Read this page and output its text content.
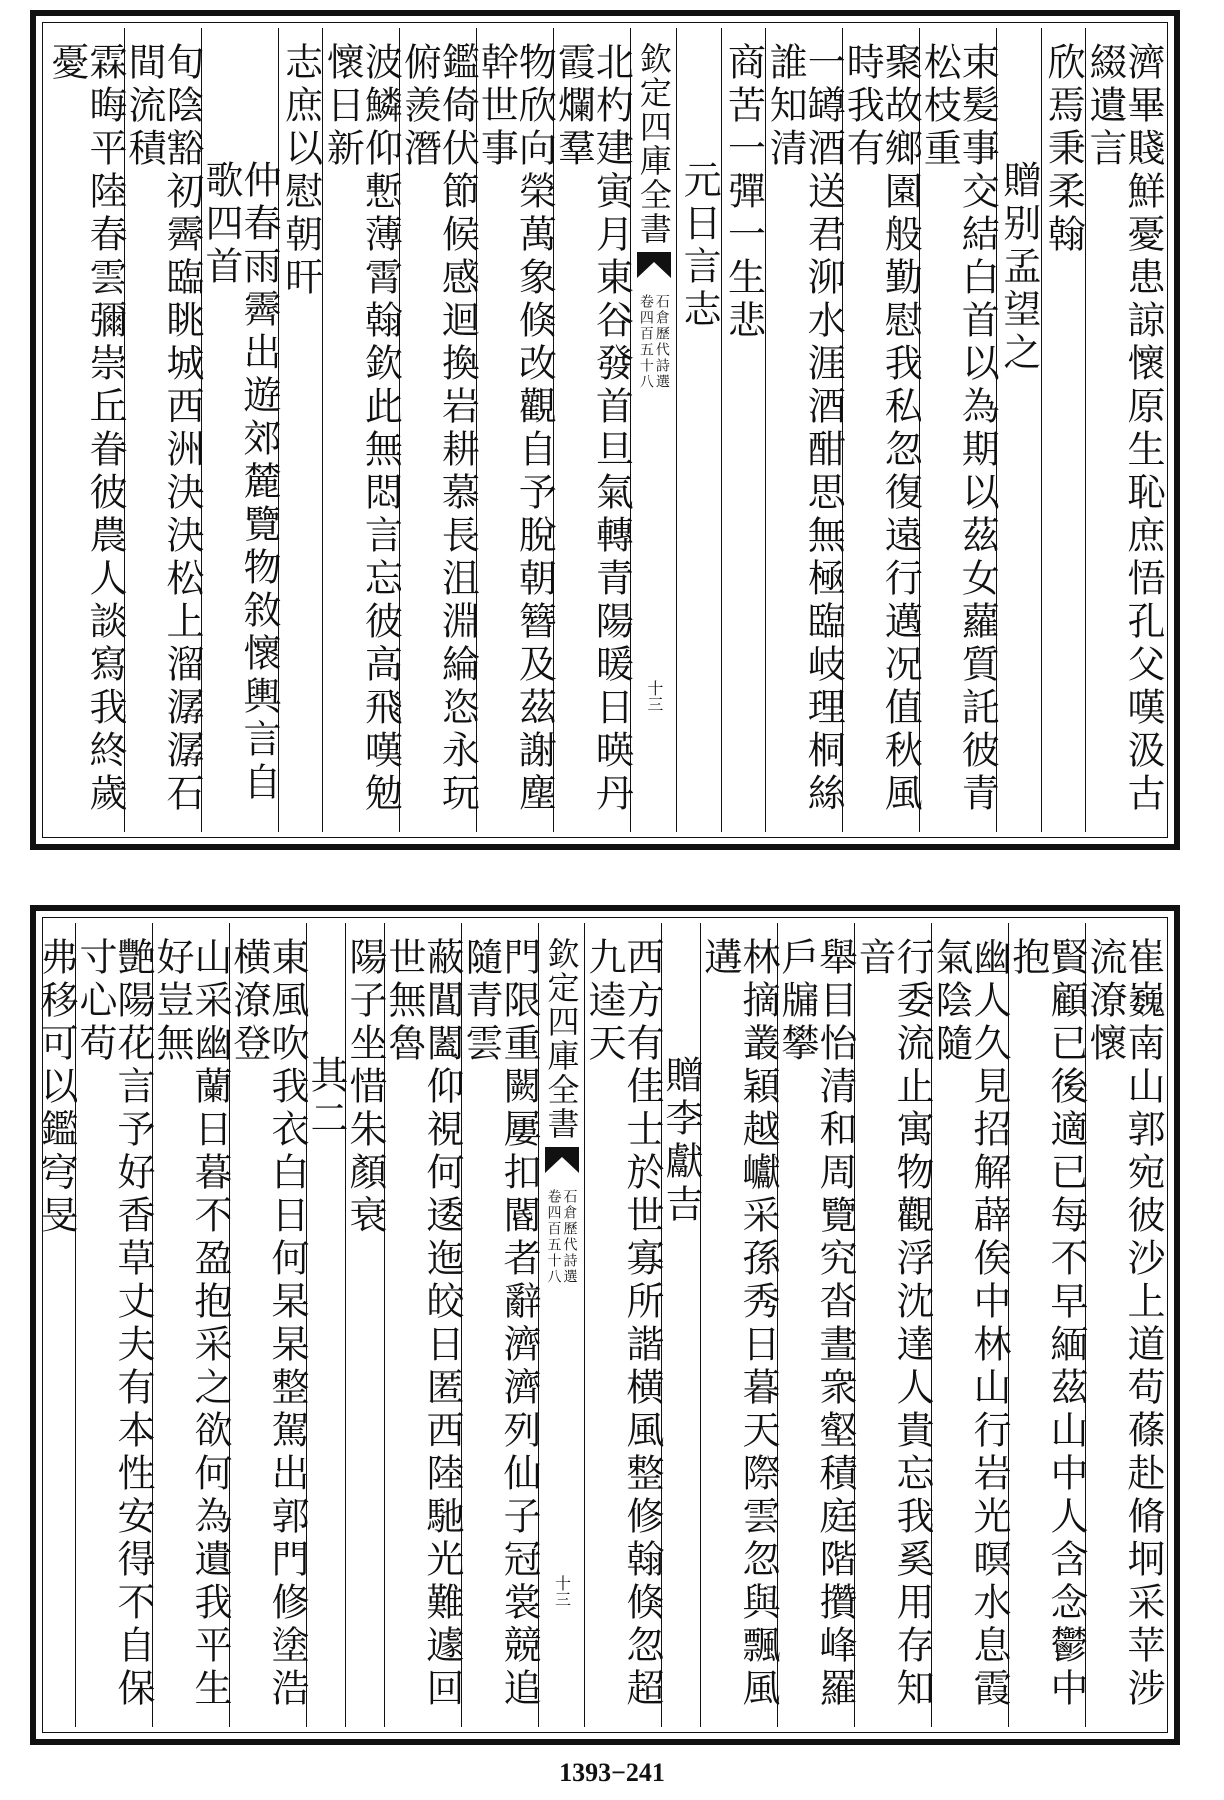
濟畢賤鮮憂患諒懷原生恥庶悟孔父嘆汲古綴遺言
欣焉秉柔翰
贈别孟望之
束髪事交結白首以為期以茲女蘿質託彼青松枝重
聚故鄉園般勤慰我私忽復遠行邁况值秋風時我有
一罇酒送君泖水涯酒酣思無極臨岐理桐絲誰知清
商苦一彈一生悲
元日言志
欽定四庫全書
石倉歷代詩選
卷四百五十八
十三
北杓建寅月東谷發首旦氣轉青陽暖日暎丹霞爛羣
物欣向榮萬象倏改觀自予脫朝簪及茲謝塵幹世事
鑑倚伏節候感迴換岩耕慕長沮淵綸恣永玩俯羨潛
波鱗仰慙薄霄翰欽此無悶言忘彼高飛嘆勉懷日新
志庶以慰朝旰
仲春雨霽出遊郊麓覽物敘懷輿言自歌四首
旬陰豁初霽臨眺城西洲決決松上溜潺潺石間流積
霖晦平陸春雲彌崇丘眷彼農人談寫我終歲憂
崔巍南山郭宛彼沙上道苟蓧赴脩坰采苹涉流潦懷
賢顧已後適已每不早緬茲山中人含念鬱中抱
幽人久見招解薜俟中林山行岩光暝水息霞氣陰隨
行委流止寓物觀浮沈達人貴忘我奚用存知音
舉目怡清和周覽究沓晝衆壑積庭階攢峰羅戶牖攀
林摘叢穎越巘采孫秀日暮天際雲忽與飄風遘
贈李獻吉
西方有佳士於世寡所諧横風整修翰倏忽超九逵天
欽定四庫全書
石倉歷代詩選
卷四百五十八
十三
門限重闕屢扣閽者辭濟濟列仙子冠裳競追隨青雲
蔽閶闔仰視何逶迤皎日匿西陸馳光難遽回世無魯
陽子坐惜朱顏衰
其二
東風吹我衣白日何杲杲整駕出郭門修塗浩横潦登
山采幽蘭日暮不盈抱采之欲何為遺我平生好豈無
艷陽花言予好香草丈夫有本性安得不自保寸心苟
弗移可以鑑穹旻
1393−241
